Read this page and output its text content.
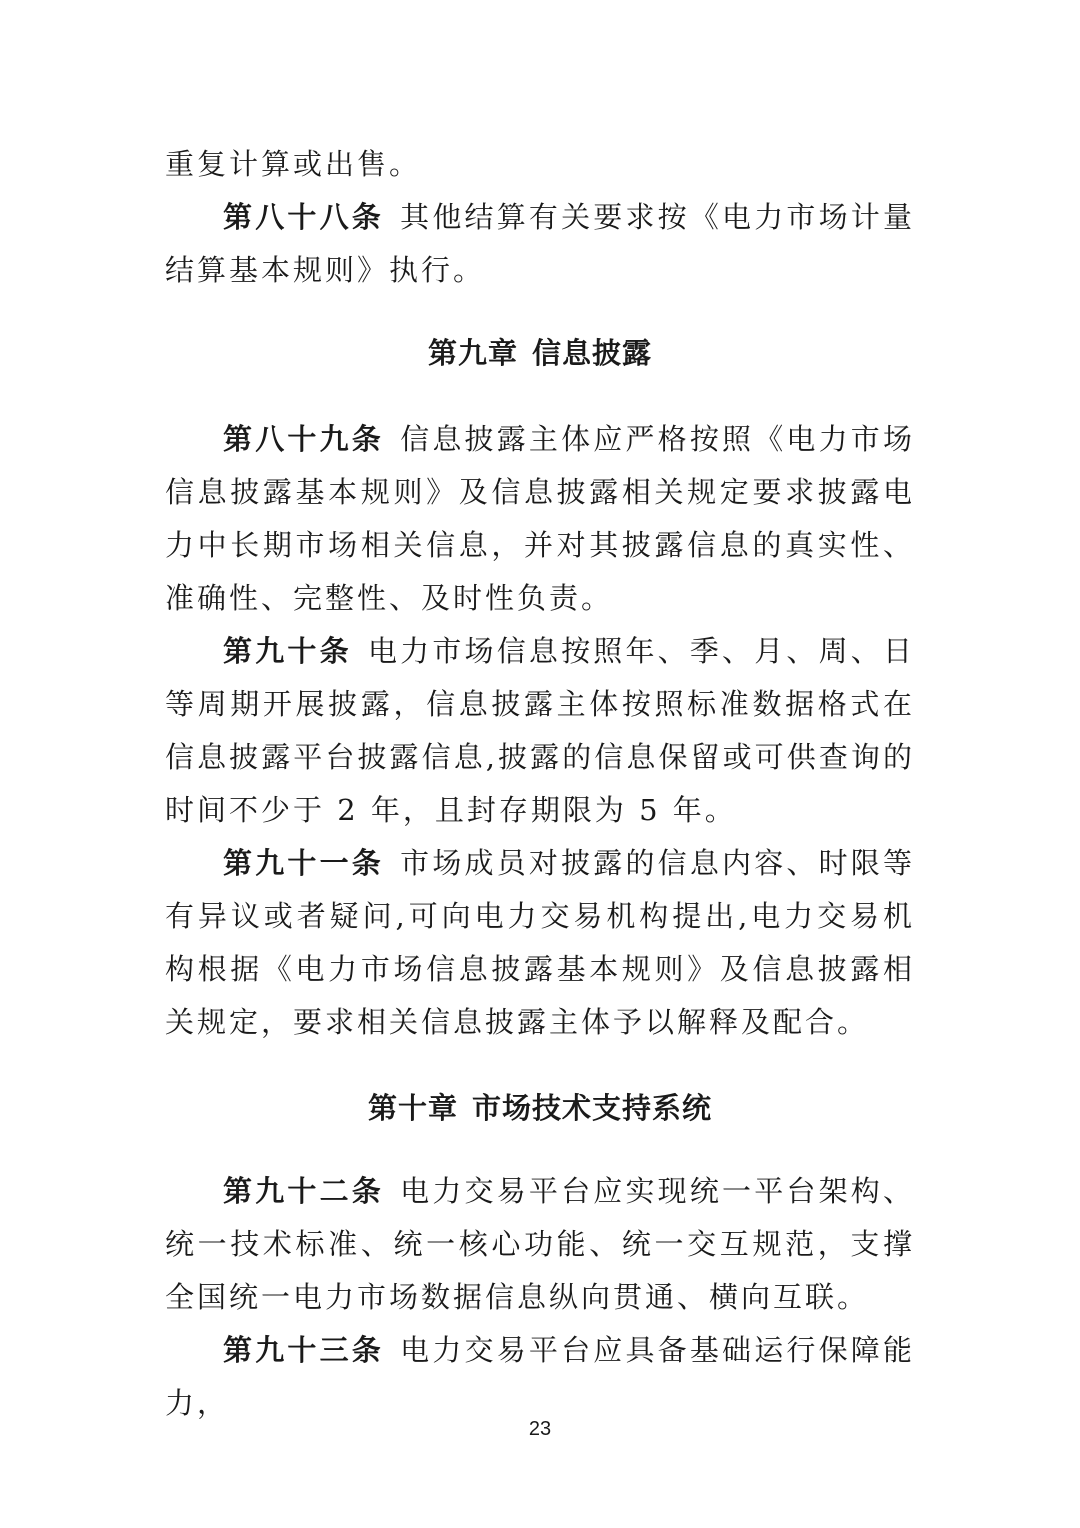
重复计算或出售。

第八十八条 其他结算有关要求按《电力市场计量结算基本规则》执行。

第九章 信息披露

第八十九条 信息披露主体应严格按照《电力市场信息披露基本规则》及信息披露相关规定要求披露电力中长期市场相关信息，并对其披露信息的真实性、准确性、完整性、及时性负责。

第九十条 电力市场信息按照年、季、月、周、日等周期开展披露，信息披露主体按照标准数据格式在信息披露平台披露信息,披露的信息保留或可供查询的时间不少于 2 年，且封存期限为 5 年。

第九十一条 市场成员对披露的信息内容、时限等有异议或者疑问,可向电力交易机构提出,电力交易机构根据《电力市场信息披露基本规则》及信息披露相关规定，要求相关信息披露主体予以解释及配合。

第十章 市场技术支持系统

第九十二条 电力交易平台应实现统一平台架构、统一技术标准、统一核心功能、统一交互规范，支撑全国统一电力市场数据信息纵向贯通、横向互联。

第九十三条 电力交易平台应具备基础运行保障能力，

23
